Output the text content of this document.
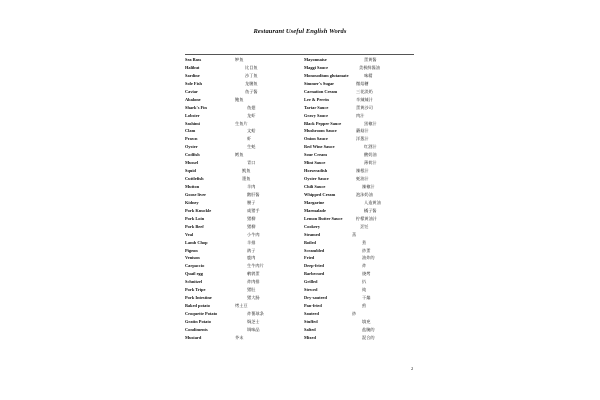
Restaurant Useful English Words
Sea Bass	鲈鱼
Halibut	比目鱼
Sardine	沙丁鱼
Sole Fish	龙脷鱼
Caviar	鱼子酱
Abalone	鲍鱼
Shark's Fin	鱼翅
Lobster	龙虾
Sashimi	生鱼片
Clam	文蛤
Prawn	虾
Oyster	生蚝
Codfish	鳕鱼
Mussel	青口
Squid	鱿鱼
Cuttlefish	墨鱼
Mutton	羊肉
Goose liver	鹅肝酱
Kidney	腰子
Pork Knuckle	咸猪手
Pork Loin	猪柳
Pork Beef	猪柳
Veal	小牛肉
Lamb Chop	羊排
Pigeon	鸽子
Venison	鹿肉
Carpaccio	生牛肉片
Quail egg	鹌鹑蛋
Schnitzel	炸肉排
Pork Tripe	猪肚
Pork Intestine	猪大肠
Baked potato	烤土豆
Croquette Potato	炸薯球条
Gratin Potato	焗芝士
Condiments	调味品
Mustard	芥末
Mayonnaise	蛋黄酱
Maggi Sauce	美极鲜酱油
Monosodium glutamate	味精
Simmer's Sugar	微焙糖
Carnation Cream	三花淡奶
Lee & Perrin	辛辣辣汁
Tartar Sauce	蛋黄沙司
Gravy Sauce	肉汁
Black Pepper Sauce	黑椒汁
Mushroom Sauce	蘑菇汁
Onion Sauce	洋葱汁
Red Wine Sauce	红酒汁
Sour Cream	酸奶油
Mint Sauce	薄荷汁
Horseradish	辣根汁
Oyster Sauce	蚝油汁
Chili Sauce	辣椒汁
Whipped Cream	泡沫奶油
Margarine	人造黄油
Marmalade	橘子酱
Lemon Butter Sauce	柠檬黄油汁
Cookery	烹饪
Steamed	蒸
Boiled	煮
Scrambled	炒蛋
Fried	油炸的
Deep-fried	炸
Barbecued	烧烤
Grilled	扒
Stewed	炖
Dry-sauteed	干煸
Pan-fried	煎
Sauteed	炒
Stuffed	填充
Salted	盐腌的
Mixed	混合的
2
